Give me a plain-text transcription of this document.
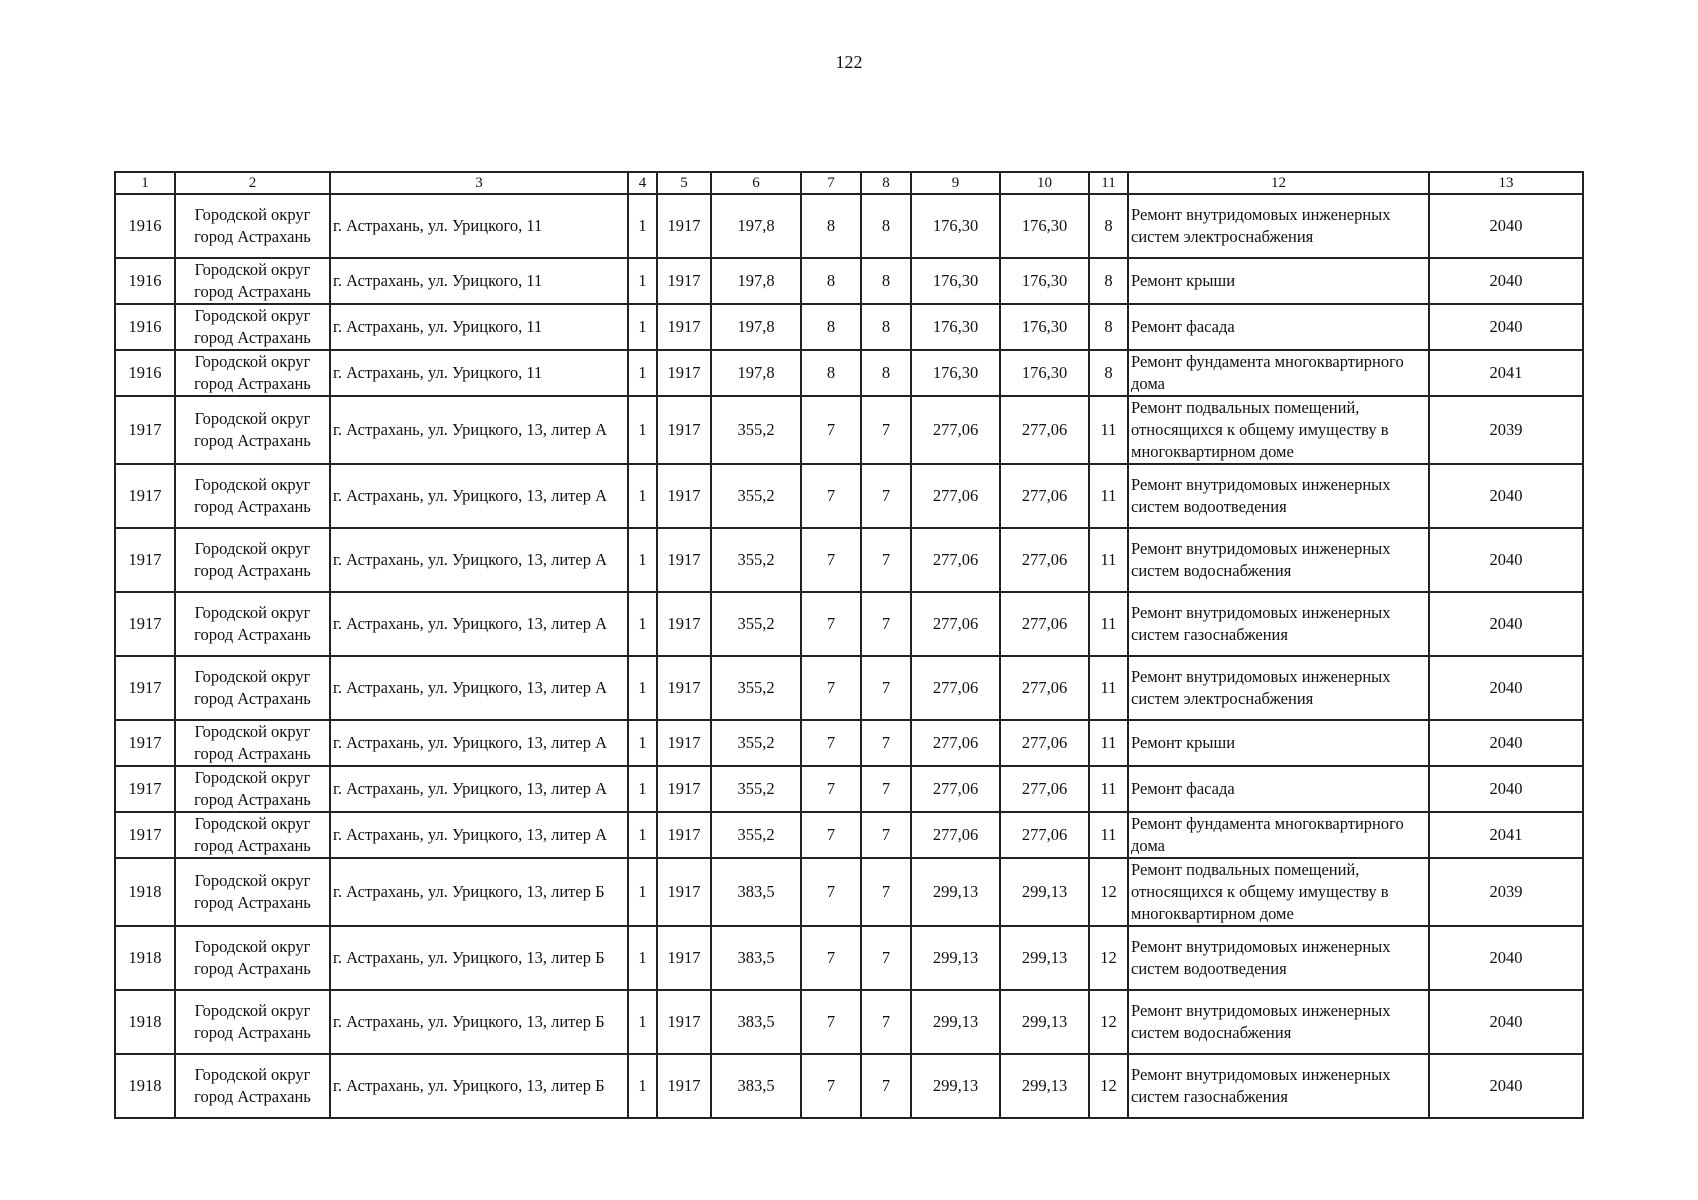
122
1	2	3	4	5	6	7	8	9	10	11	12	13
1916	Городской округ город Астрахань	г. Астрахань, ул. Урицкого, 11	1	1917	197,8	8	8	176,30	176,30	8	Ремонт внутридомовых инженерных систем электроснабжения	2040
1916	Городской округ город Астрахань	г. Астрахань, ул. Урицкого, 11	1	1917	197,8	8	8	176,30	176,30	8	Ремонт крыши	2040
1916	Городской округ город Астрахань	г. Астрахань, ул. Урицкого, 11	1	1917	197,8	8	8	176,30	176,30	8	Ремонт фасада	2040
1916	Городской округ город Астрахань	г. Астрахань, ул. Урицкого, 11	1	1917	197,8	8	8	176,30	176,30	8	Ремонт фундамента многоквартирного дома	2041
1917	Городской округ город Астрахань	г. Астрахань, ул. Урицкого, 13, литер А	1	1917	355,2	7	7	277,06	277,06	11	Ремонт подвальных помещений, относящихся к общему имуществу в многоквартирном доме	2039
1917	Городской округ город Астрахань	г. Астрахань, ул. Урицкого, 13, литер А	1	1917	355,2	7	7	277,06	277,06	11	Ремонт внутридомовых инженерных систем водоотведения	2040
1917	Городской округ город Астрахань	г. Астрахань, ул. Урицкого, 13, литер А	1	1917	355,2	7	7	277,06	277,06	11	Ремонт внутридомовых инженерных систем водоснабжения	2040
1917	Городской округ город Астрахань	г. Астрахань, ул. Урицкого, 13, литер А	1	1917	355,2	7	7	277,06	277,06	11	Ремонт внутридомовых инженерных систем газоснабжения	2040
1917	Городской округ город Астрахань	г. Астрахань, ул. Урицкого, 13, литер А	1	1917	355,2	7	7	277,06	277,06	11	Ремонт внутридомовых инженерных систем электроснабжения	2040
1917	Городской округ город Астрахань	г. Астрахань, ул. Урицкого, 13, литер А	1	1917	355,2	7	7	277,06	277,06	11	Ремонт крыши	2040
1917	Городской округ город Астрахань	г. Астрахань, ул. Урицкого, 13, литер А	1	1917	355,2	7	7	277,06	277,06	11	Ремонт фасада	2040
1917	Городской округ город Астрахань	г. Астрахань, ул. Урицкого, 13, литер А	1	1917	355,2	7	7	277,06	277,06	11	Ремонт фундамента многоквартирного дома	2041
1918	Городской округ город Астрахань	г. Астрахань, ул. Урицкого, 13, литер Б	1	1917	383,5	7	7	299,13	299,13	12	Ремонт подвальных помещений, относящихся к общему имуществу в многоквартирном доме	2039
1918	Городской округ город Астрахань	г. Астрахань, ул. Урицкого, 13, литер Б	1	1917	383,5	7	7	299,13	299,13	12	Ремонт внутридомовых инженерных систем водоотведения	2040
1918	Городской округ город Астрахань	г. Астрахань, ул. Урицкого, 13, литер Б	1	1917	383,5	7	7	299,13	299,13	12	Ремонт внутридомовых инженерных систем водоснабжения	2040
1918	Городской округ город Астрахань	г. Астрахань, ул. Урицкого, 13, литер Б	1	1917	383,5	7	7	299,13	299,13	12	Ремонт внутридомовых инженерных систем газоснабжения	2040
